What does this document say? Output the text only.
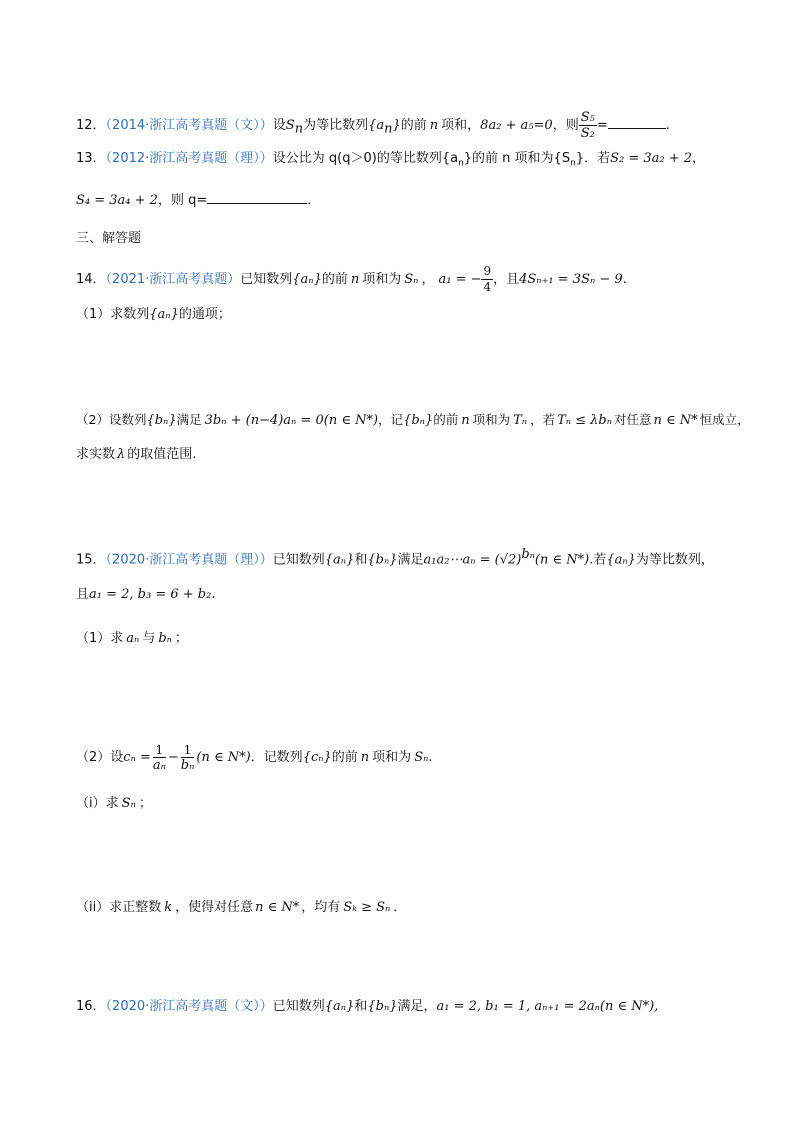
12．（2014·浙江高考真题（文））设$S_n$为等比数列$\{a_n\}$的前 n 项和，8a₂ + a₅=0，则 $\frac{\text{S₅}}{\text{S₂}}$ =	.
13．（2012·浙江高考真题（理））设公比为 q(q＞0)的等比数列$\{a_n\}$的前 n 项和为$\{S_n\}$．若S₂ = 3a₂ + 2，
S₄ = 3a₄ + 2，则 q=	．
三、解答题
14．（2021·浙江高考真题）已知数列{aₙ}的前 n 项和为 Sₙ ， a₁ = − $\frac{9}{4}$ ，且4Sₙ₊₁ = 3Sₙ − 9.
（1）求数列{aₙ}的通项；
（2）设数列{bₙ}满足 3bₙ + (n−4)aₙ = 0(n ∈ N*)，记{bₙ}的前 n 项和为 Tₙ ，若 Tₙ ≤ λbₙ 对任意 n ∈ N* 恒成立，
求实数 λ 的取值范围.
15．（2020·浙江高考真题（理））已知数列{aₙ}和{bₙ}满足a₁a₂⋯aₙ = $(√2)^{b_n}(n$ ∈ N*).若{aₙ}为等比数列，
且a₁ = 2, b₃ = 6 + b₂.
（1）求 aₙ 与 bₙ ；
（2）设$c_n = \frac{1}{\text{aₙ}} - \frac{1}{\text{bₙ}} (n$ ∈ N*)．记数列{cₙ}的前 n 项和为 Sₙ.
（i）求 Sₙ ；
（ii）求正整数 k ，使得对任意 n ∈ N* ，均有 Sₖ ≥ Sₙ ．
16．（2020·浙江高考真题（文））已知数列{aₙ}和{bₙ}满足，a₁ = 2, b₁ = 1, aₙ₊₁ = 2aₙ(n ∈ N*),
